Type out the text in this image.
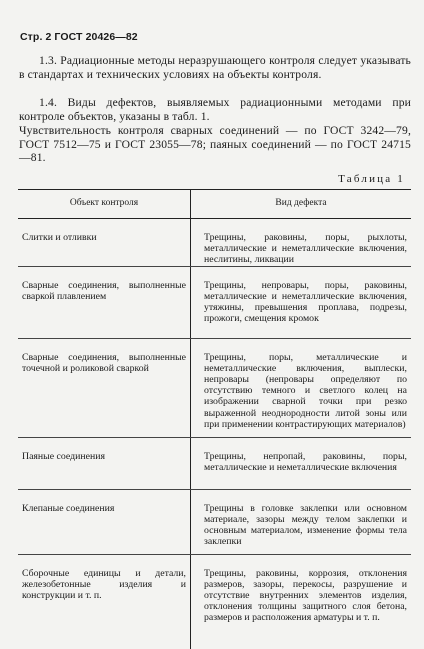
Стр. 2 ГОСТ 20426—82
1.3. Радиационные методы неразрушающего контроля следует указывать в стандартах и технических условиях на объекты контроля.
1.4. Виды дефектов, выявляемых радиационными методами при контроле объектов, указаны в табл. 1.
Чувствительность контроля сварных соединений — по ГОСТ 3242—79, ГОСТ 7512—75 и ГОСТ 23055—78; паяных соединений — по ГОСТ 24715—81.
Таблица 1
Объект контроля	Вид дефекта

Слитки и отливки	Трещины, раковины, поры, рыхлоты, металлические и неметаллические включения, неслитины, ликвации

Сварные соединения, выполненные сваркой плавлением	Трещины, непровары, поры, раковины, металлические и неметаллические включения, утяжины, превышения проплава, подрезы, прожоги, смещения кромок

Сварные соединения, выполненные точечной и роликовой сваркой	Трещины, поры, металлические и неметаллические включения, выплески, непровары (непровары определяют по отсутствию темного и светлого колец на изображении сварной точки при резко выраженной неоднородности литой зоны или при применении контрастирующих материалов)

Паяные соединения	Трещины, непропай, раковины, поры, металлические и неметаллические включения

Клепаные соединения	Трещины в головке заклепки или основном материале, зазоры между телом заклепки и основным материалом, изменение формы тела заклепки

Сборочные единицы и детали, железобетонные изделия и конструкции и т. п.	Трещины, раковины, коррозия, отклонения размеров, зазоры, перекосы, разрушение и отсутствие внутренних элементов изделия, отклонения толщины защитного слоя бетона, размеров и расположения арматуры и т. п.
